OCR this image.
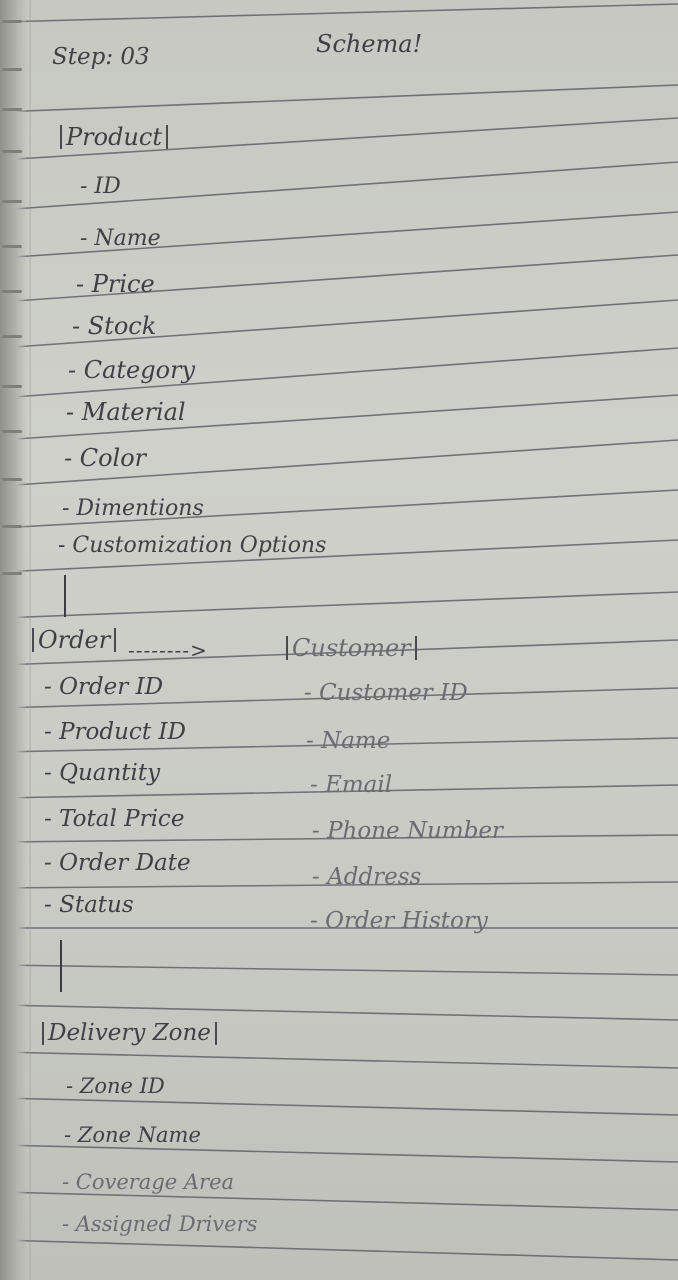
Step: 03	Schema!
Product
- ID
- Name
- Price
- Stock
- Category
- Material
- Color
- Dimentions
- Customization Options
Order -------->
- Order ID
- Product ID
- Quantity
- Total Price
- Order Date
- Status
Customer
- Customer ID
- Name
- Email
- Phone Number
- Address
- Order History
Delivery Zone
- Zone ID
- Zone Name
- Coverage Area
- Assigned Drivers
